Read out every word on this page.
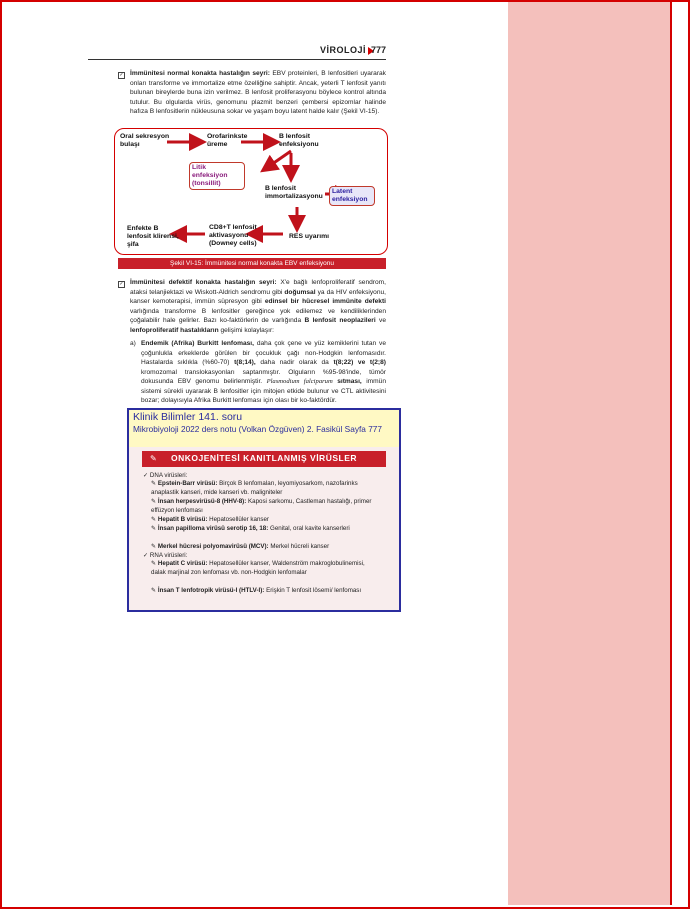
VİROLOJİ 777
✓ İmmünitesi normal konakta hastalığın seyri: EBV proteinleri, B lenfositleri uyararak onları transforme ve immortalize etme özelliğine sahiptir. Ancak, yeterli T lenfosit yanıtı bulunan bireylerde buna izin verilmez. B lenfosit proliferasyonu böylece kontrol altında tutulur. Bu olgularda virüs, genomunu plazmit benzeri çembersi epizomlar halinde hafıza B lenfositlerin nükleusuna sokar ve yaşam boyu latent halde kalır (Şekil VI-15).
Oral sekresyon bulaşı
Orofarinkste üreme
B lenfosit enfeksiyonu
Litik enfeksiyon (tonsillit)
B lenfosit immortalizasyonu
Latent enfeksiyon
RES uyarımı
CD8+T lenfosit aktivasyonu (Downey cells)
Enfekte B lenfosit klirensi, şifa
Şekil VI-15: İmmünitesi normal konakta EBV enfeksiyonu
✓ İmmünitesi defektif konakta hastalığın seyri: X'e bağlı lenfoproliferatif sendrom, ataksi telanjiektazi ve Wiskott-Aldrich sendromu gibi doğumsal ya da HIV enfeksiyonu, kanser kemoterapisi, immün süpresyon gibi edinsel bir hücresel immünite defekti varlığında transforme B lenfositler gereğince yok edilemez ve kendiliklerinden çoğalabilir hale gelirler. Bazı ko-faktörlerin de varlığında B lenfosit neoplazileri ve lenfoproliferatif hastalıkların gelişimi kolaylaşır:
a) Endemik (Afrika) Burkitt lenfoması, daha çok çene ve yüz kemiklerini tutan ve çoğunlukla erkeklerde görülen bir çocukluk çağı non-Hodgkin lenfomasıdır. Hastalarda sıklıkla (%60-70) t(8;14), daha nadir olarak da t(8;22) ve t(2;8) kromozomal translokasyonları saptanmıştır. Olguların %95-98'inde, tümör dokusunda EBV genomu belirlenmiştir. Plasmodium falciparum sıtması, immün sistemi sürekli uyararak B lenfositler için mitojen etkide bulunur ve CTL aktivitesini bozar; dolayısıyla Afrika Burkitt lenfoması için olası bir ko-faktördür.
Klinik Bilimler 141. soru
Mikrobiyoloji 2022 ders notu (Volkan Özgüven) 2. Fasikül Sayfa 777
✎	ONKOJENİTESİ KANITLANMIŞ VİRÜSLER
✓ DNA virüsleri:
✎ Epstein-Barr virüsü: Birçok B lenfomaları, leyomiyosarkom, nazofarinks anaplastik kanseri, mide kanseri vb. maligniteler
✎ İnsan herpesvirüsü-8 (HHV-8): Kaposi sarkomu, Castleman hastalığı, primer effüzyon lenfoması
✎ Hepatit B virüsü: Hepatosellüler kanser
✎ İnsan papilloma virüsü serotip 16, 18: Genital, oral kavite kanserleri
✎ Merkel hücresi polyomavirüsü (MCV): Merkel hücreli kanser
✓ RNA virüsleri:
✎ Hepatit C virüsü: Hepatosellüler kanser, Waldenström makroglobulinemisi, dalak marjinal zon lenfoması vb. non-Hodgkin lenfomalar
✎ İnsan T lenfotropik virüsü-I (HTLV-I): Erişkin T lenfosit lösemi/ lenfoması
